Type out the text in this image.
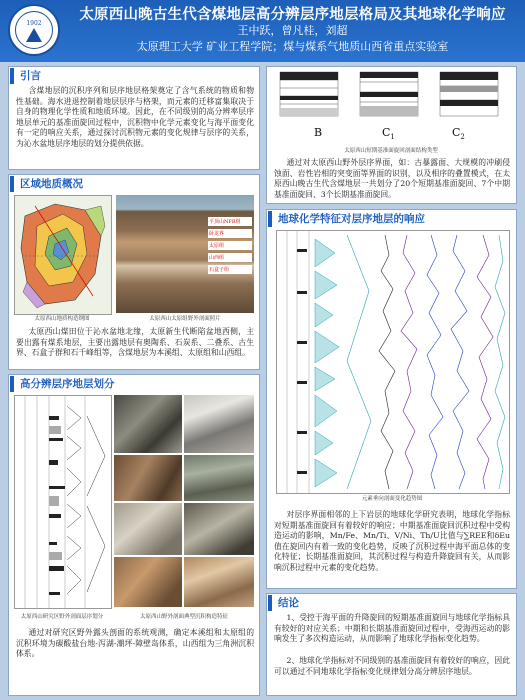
1902
太原西山晚古生代含煤地层高分辨层序地层格局及其地球化学响应
王中跃，曾凡桂，刘超
太原理工大学 矿业工程学院；煤与煤系气地质山西省重点实验室
引言
含煤地层的沉积序列和层序地层格架奠定了含气系统的物质和物性基础。海水进退控制着地层层序与格架，而元素的迁移富集取决于自身的物理化学性质和地质环境。因此，在不同级别的高分辨率层序地层单元的基准面旋回过程中，沉积物中化学元素变化与海平面变化有一定的响应关系，通过探讨沉积物元素的变化规律与层序的关系，为沁水盆地层序地层的划分提供依据。
区域地质概况
太原西山地质构造纲图
平顶山NFR组
卧龙界
太原组
山西组
石盒子组
太原西山太原组野外剖面照片
太原西山煤田位于沁水盆地北缘，太原新生代断陷盆地西侧，主要出露有煤系地层，主要出露地层有奥陶系、石炭系、二叠系、古生界、石盒子群和石千峰组等，含煤地层为本溪组、太原组和山西组。
高分辨层序地层划分
太原西山研究区野外剖面层序划分	太原西山野外剖面典型沉积构造特征
通过对研究区野外露头剖面的系统观测，确定本溪组和太原组的沉积环境为碳酸盐台地-泻湖-潮坪-障壁岛体系，山西组为三角洲沉积体系。
B	$C_1$	$C_2$
太原西山短期基准面旋回剖面结构类型
通过对太原西山野外层序界面，如：古暴露面、大规模的冲刷侵蚀面、岩性岩相的突变面等界面的识别，以及相序的叠置模式，在太原西山晚古生代含煤地层一共划分了20个短期基准面旋回、7个中期基准面旋回、3个长期基准面旋回。
地球化学特征对层序地层的响应
元素垂向剖面变化趋势图
对层序界面相邻的上下岩层的地球化学研究表明，地球化学指标对短期基准面旋回有着较好的响应；中期基准面旋回沉积过程中受构造运动的影响，Mn/Fe、Mn/Ti、V/Ni、Th/U比值与∑REE和δEu值在旋回内有着一致的变化趋势，反映了沉积过程中海平面总体的变化特征；长期基准面旋回，其沉积过程与构造升降旋回有关，从而影响沉积过程中元素的变化趋势。
结论
1、受控于海平面的升降旋回的短期基准面旋回与地球化学指标具有较好的对应关系；中期和长期基准面旋回过程中，受海西运动的影响发生了多次构造运动，从而影响了地球化学指标变化趋势。
2、地球化学指标对不同级别的基准面旋回有着较好的响应，因此可以通过不同地球化学指标变化规律划分高分辨层序地层。
